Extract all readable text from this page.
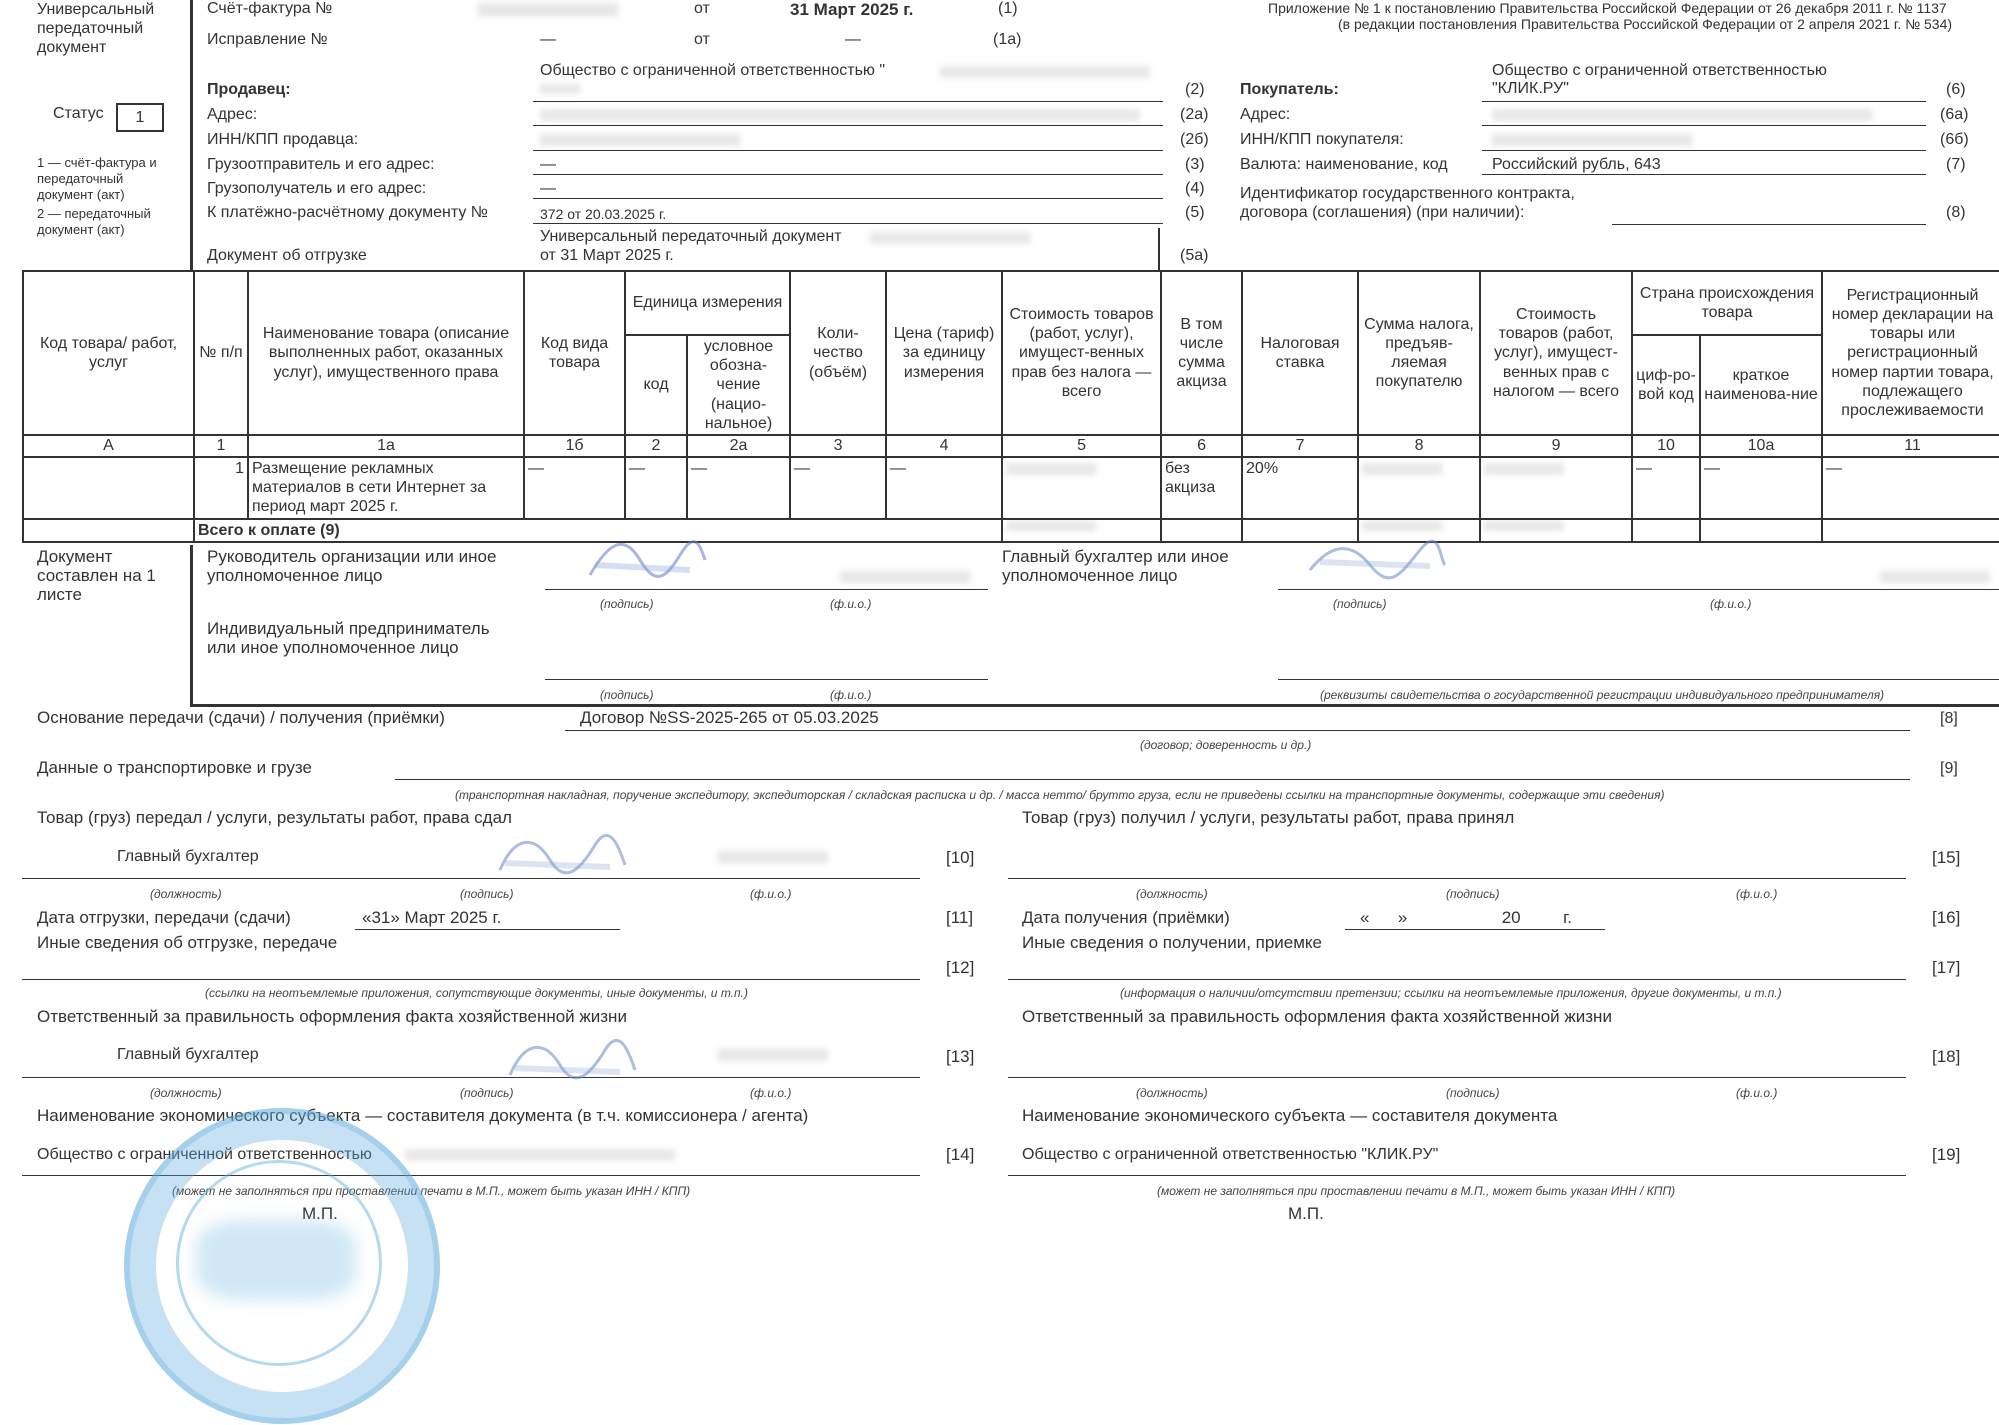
Универсальный передаточный документ
Статус	1
1 — счёт-фактура и передаточный документ (акт)
2 — передаточный документ (акт)
Счёт-фактура №	от	31 Март 2025 г.	(1)
Исправление №	—	от	—	(1а)
Приложение № 1 к постановлению Правительства Российской Федерации от 26 декабря 2011 г. № 1137
(в редакции постановления Правительства Российской Федерации от 2 апреля 2021 г. № 534)
Продавец:
Общество с ограниченной ответственностью "
(2)
Адрес:	(2а)
ИНН/КПП продавца:	(2б)
Грузоотправитель и его адрес:	—	(3)
Грузополучатель и его адрес:	—	(4)
К платёжно-расчётному документу №	372 от 20.03.2025 г.	(5)
Документ об отгрузке
Универсальный передаточный документ
от 31 Март 2025 г.	(5а)
Покупатель:
Общество с ограниченной ответственностью
"КЛИК.РУ"	(6)
Адрес:	(6а)
ИНН/КПП покупателя:	(6б)
Валюта: наименование, код	Российский рубль, 643	(7)
Идентификатор государственного контракта,
договора (соглашения) (при наличии):	(8)
Код товара/ работ, услуг	№ п/п	Наименование товара (описание выполненных работ, оказанных услуг), имущественного права	Код вида товара	Единица измерения		Коли-чество (объём)	Цена (тариф) за единицу измерения	Стоимость товаров (работ, услуг), имущест-венных прав без налога — всего	В том числе сумма акциза	Налоговая ставка	Сумма налога, предъяв-ляемая покупателю	Стоимость товаров (работ, услуг), имущест-венных прав с налогом — всего	Страна происхождения товара		Регистрационный номер декларации на товары или регистрационный номер партии товара, подлежащего прослеживаемости
				код	условное обозна-чение (нацио-нальное)								циф-ро-вой код	краткое наименова-ние	
А	1	1а	1б	2	2а	3	4	5	6	7	8	9	10	10а	11
	1	Размещение рекламных материалов в сети Интернет за период март 2025 г.	—	—	—	—	—		без акциза	20%			—	—	—
	Всего к оплате (9)							

Документ составлен на 1 листе
Руководитель организации или иное уполномоченное лицо
(подпись)	(ф.и.о.)
Главный бухгалтер или иное уполномоченное лицо
(подпись)	(ф.и.о.)
Индивидуальный предприниматель или иное уполномоченное лицо
(подпись)	(ф.и.о.)	(реквизиты свидетельства о государственной регистрации индивидуального предпринимателя)
Основание передачи (сдачи) / получения (приёмки)	Договор №SS-2025-265 от 05.03.2025	[8]
(договор; доверенность и др.)
Данные о транспортировке и грузе	[9]
(транспортная накладная, поручение экспедитору, экспедиторская / складская расписка и др. / масса нетто/ брутто груза, если не приведены ссылки на транспортные документы, содержащие эти сведения)
Товар (груз) передал / услуги, результаты работ, права сдал	Товар (груз) получил / услуги, результаты работ, права принял
Главный бухгалтер	[10]
(должность)	(подпись)	(ф.и.о.)
[15]
(должность)	(подпись)	(ф.и.о.)
Дата отгрузки, передачи (сдачи)	«31» Март 2025 г.	[11]	Дата получения (приёмки)	«      »                    20         г.	[16]
Иные сведения об отгрузке, передаче
[12]
(ссылки на неотъемлемые приложения, сопутствующие документы, иные документы, и т.п.)
Иные сведения о получении, приемке
[17]
(информация о наличии/отсутствии претензии; ссылки на неотъемлемые приложения, другие документы, и т.п.)
Ответственный за правильность оформления факта хозяйственной жизни	Ответственный за правильность оформления факта хозяйственной жизни
Главный бухгалтер	[13]
(должность)	(подпись)	(ф.и.о.)
[18]
(должность)	(подпись)	(ф.и.о.)
Наименование экономического субъекта — составителя документа (в т.ч. комиссионера / агента)	Наименование экономического субъекта — составителя документа
Общество с ограниченной ответственностью	[14]	Общество с ограниченной ответственностью "КЛИК.РУ"	[19]
(может не заполняться при проставлении печати в М.П., может быть указан ИНН / КПП)	(может не заполняться при проставлении печати в М.П., может быть указан ИНН / КПП)
М.П.	М.П.
